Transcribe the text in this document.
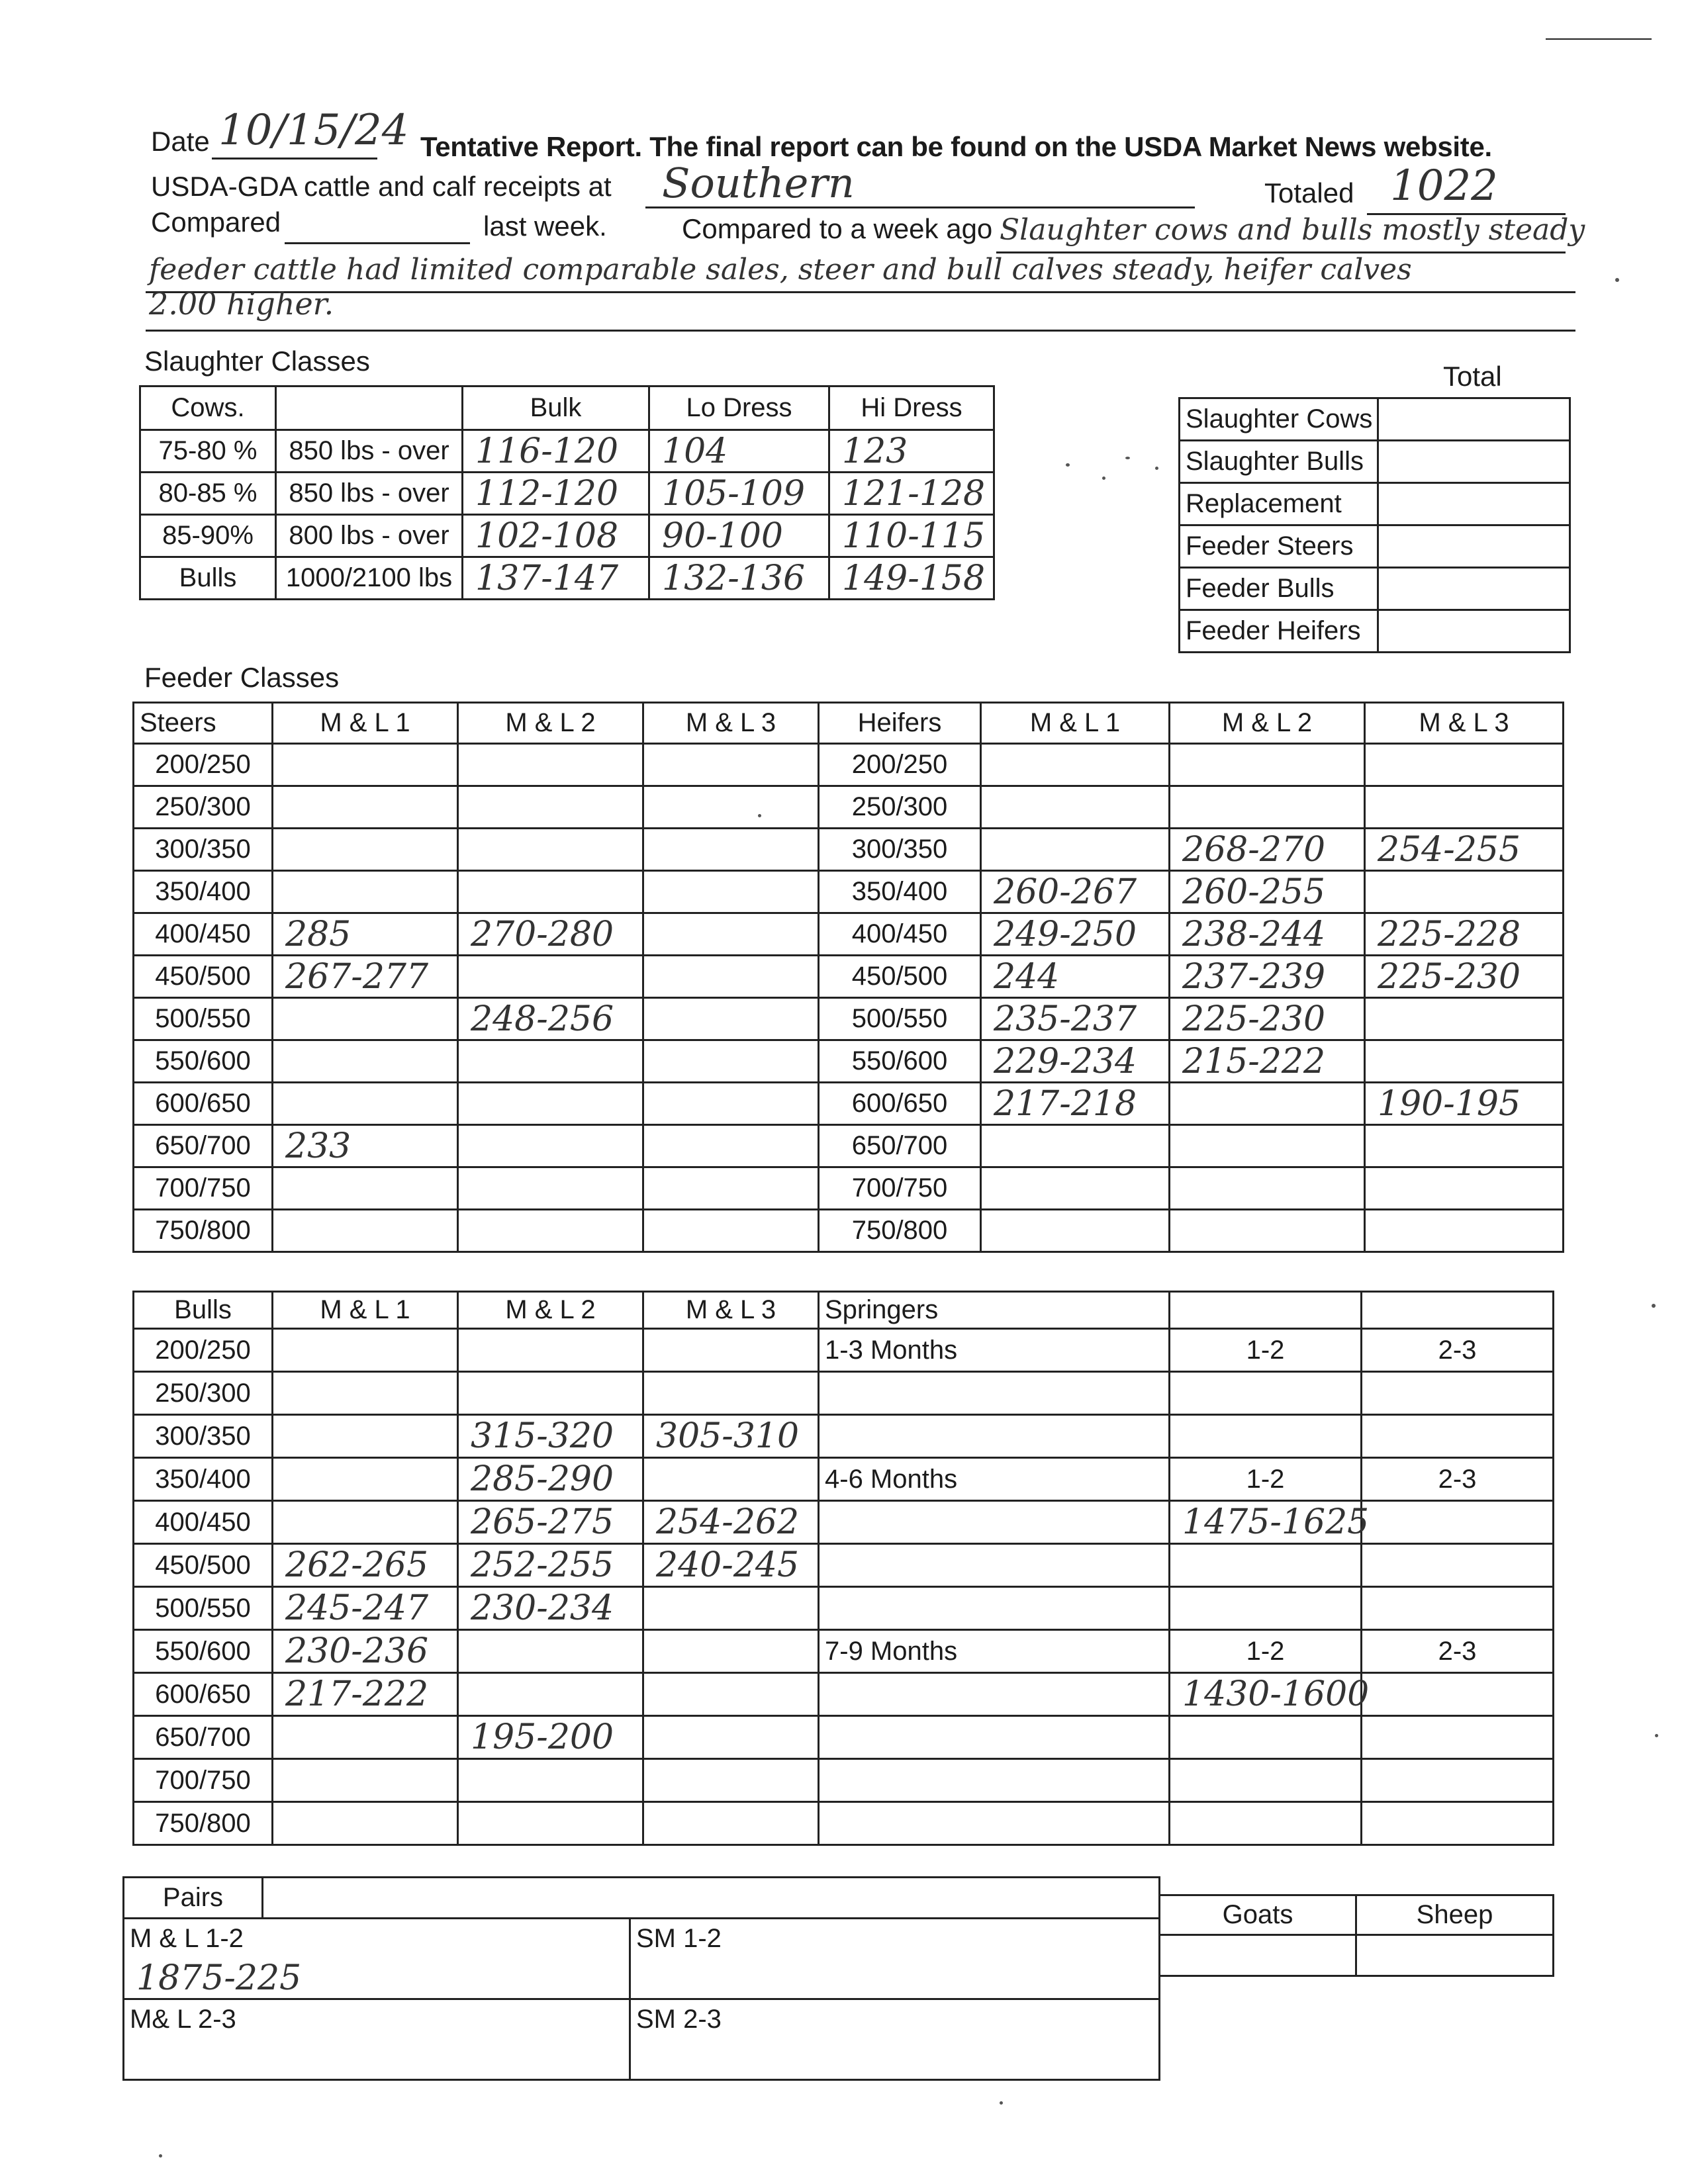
Date 10/15/24 Tentative Report. The final report can be found on the USDA Market News website.
USDA-GDA cattle and calf receipts at Southern	Totaled 1022
Compared	last week.	Compared to a week ago Slaughter cows and bulls mostly steady
feeder cattle had limited comparable sales, steer and bull calves steady, heifer calves
2.00 higher.
Slaughter Classes
Cows.		Bulk	Lo Dress	Hi Dress
75-80 %	850 lbs - over	116-120	104	123
80-85 %	850 lbs - over	112-120	105-109	121-128
85-90%	800 lbs - over	102-108	90-100	110-115
Bulls	1000/2100 lbs	137-147	132-136	149-158
Total
Slaughter Cows	
Slaughter Bulls	
Replacement	
Feeder Steers	
Feeder Bulls	
Feeder Heifers	
Feeder Classes
Steers	M & L 1	M & L 2	M & L 3	Heifers	M & L 1	M & L 2	M & L 3
200/250				200/250			
250/300				250/300			
300/350				300/350		268-270	254-255
350/400				350/400	260-267	260-255	
400/450	285	270-280		400/450	249-250	238-244	225-228
450/500	267-277			450/500	244	237-239	225-230
500/550		248-256		500/550	235-237	225-230	
550/600				550/600	229-234	215-222	
600/650				600/650	217-218		190-195
650/700	233			650/700			
700/750				700/750			
750/800				750/800			
Bulls	M & L 1	M & L 2	M & L 3	Springers		
200/250				1-3 Months	1-2	2-3
250/300						
300/350		315-320	305-310			
350/400		285-290		4-6 Months	1-2	2-3
400/450		265-275	254-262		1475-1625	
450/500	262-265	252-255	240-245			
500/550	245-247	230-234				
550/600	230-236			7-9 Months	1-2	2-3
600/650	217-222				1430-1600	
650/700		195-200				
700/750						
750/800						
Pairs		
M & L 1-2		SM 1-2
1875-225		
M& L 2-3		SM 2-3

Goats	Sheep
